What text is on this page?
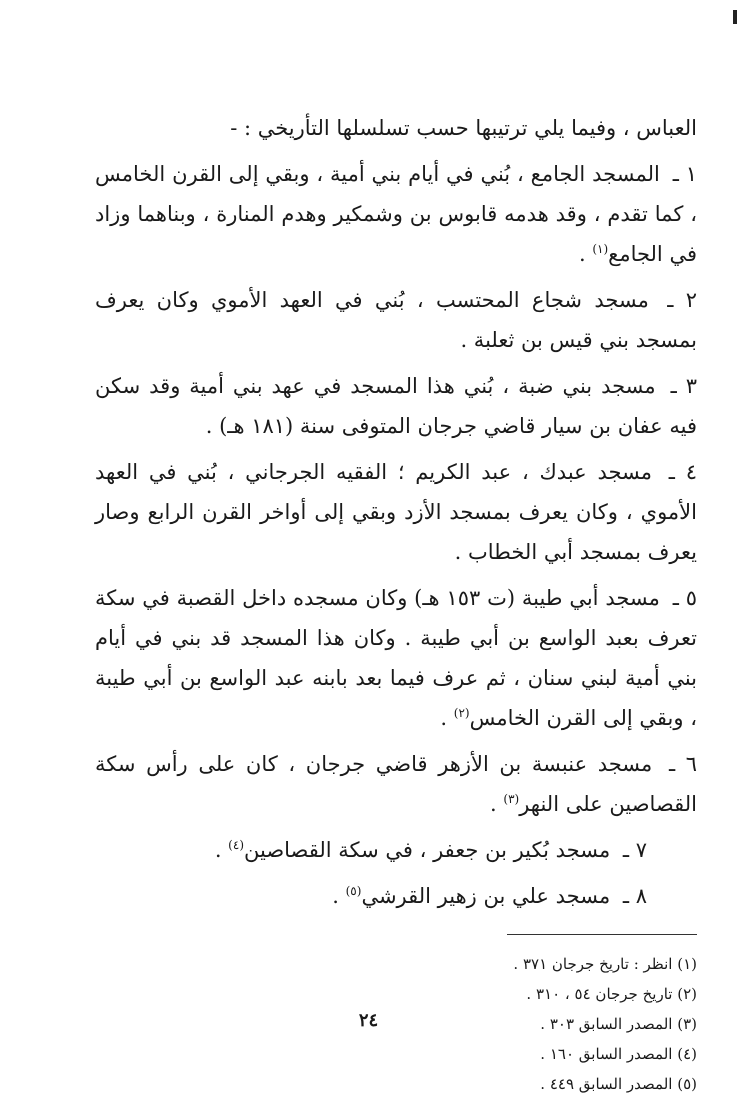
العباس ، وفيما يلي ترتيبها حسب تسلسلها التأريخي : -

١ ـ المسجد الجامع ، بُني في أيام بني أمية ، وبقي إلى القرن الخامس ، كما تقدم ، وقد هدمه قابوس بن وشمكير وهدم المنارة ، وبناهما وزاد في الجامع$^{(١)}$ .

٢ ـ مسجد شجاع المحتسب ، بُني في العهد الأموي وكان يعرف بمسجد بني قيس بن ثعلبة .

٣ ـ مسجد بني ضبة ، بُني هذا المسجد في عهد بني أمية وقد سكن فيه عفان بن سيار قاضي جرجان المتوفى سنة (١٨١ هـ) .

٤ ـ مسجد عبدك ، عبد الكريم ؛ الفقيه الجرجاني ، بُني في العهد الأموي ، وكان يعرف بمسجد الأزد وبقي إلى أواخر القرن الرابع وصار يعرف بمسجد أبي الخطاب .

٥ ـ مسجد أبي طيبة (ت ١٥٣ هـ) وكان مسجده داخل القصبة في سكة تعرف بعبد الواسع بن أبي طيبة . وكان هذا المسجد قد بني في أيام بني أمية لبني سنان ، ثم عرف فيما بعد بابنه عبد الواسع بن أبي طيبة ، وبقي إلى القرن الخامس$^{(٢)}$ .

٦ ـ مسجد عنبسة بن الأزهر قاضي جرجان ، كان على رأس سكة القصاصين على النهر$^{(٣)}$ .

٧ ـ مسجد بُكير بن جعفر ، في سكة القصاصين$^{(٤)}$ .

٨ ـ مسجد علي بن زهير القرشي$^{(٥)}$ .

(١) انظر : تاريخ جرجان ٣٧١ .
(٢) تاريخ جرجان ٥٤ ، ٣١٠ .
(٣) المصدر السابق ٣٠٣ .
(٤) المصدر السابق ١٦٠ .
(٥) المصدر السابق ٤٤٩ .
٢٤
